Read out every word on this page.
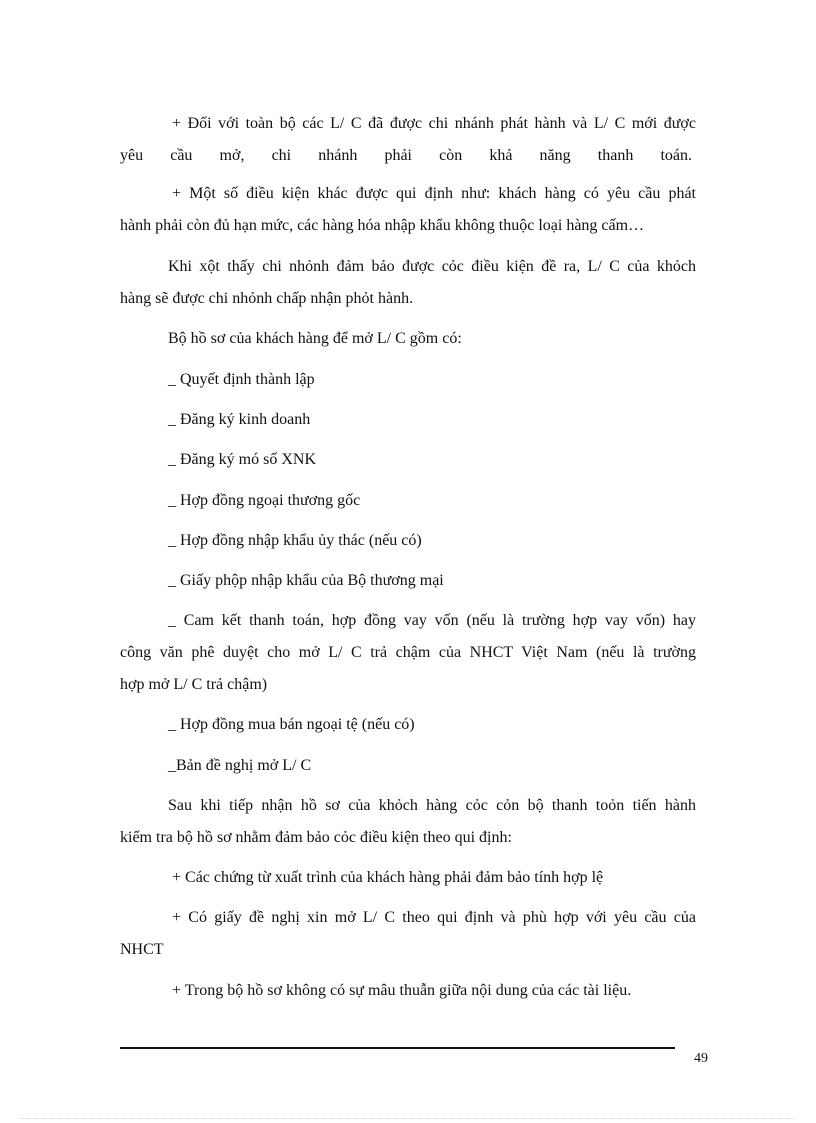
+ Đối với toàn bộ các L/ C đã được chi nhánh phát hành và L/ C mới được
yêu cầu mở, chi nhánh phải còn khả năng thanh toán.
+ Một số điều kiện khác được qui định như: khách hàng có yêu cầu phát
hành phải còn đủ hạn mức, các hàng hóa nhập khẩu không thuộc loại hàng cấm…
Khi xột thấy chi nhỏnh đảm bảo được cỏc điều kiện đề ra, L/ C của khỏch
hàng sẽ được chi nhỏnh chấp nhận phỏt hành.
Bộ hồ sơ của khách hàng để mở L/ C gồm có:
_ Quyết định thành lập
_ Đăng ký kinh doanh
_ Đăng ký mó số XNK
_ Hợp đồng ngoại thương gốc
_ Hợp đồng nhập khẩu ủy thác (nếu có)
_ Giấy phộp nhập khẩu của Bộ thương mại
_ Cam kết thanh toán, hợp đồng vay vốn (nếu là trường hợp vay vốn) hay
công văn phê duyệt cho mở L/ C trả chậm của NHCT Việt Nam (nếu là trường
hợp mở L/ C trả chậm)
_ Hợp đồng mua bán ngoại tệ (nếu có)
_Bản đề nghị mở L/ C
Sau khi tiếp nhận hồ sơ của khỏch hàng cỏc cỏn bộ thanh toỏn tiến hành
kiểm tra bộ hồ sơ nhằm đảm bảo cỏc điều kiện theo qui định:
+ Các chứng từ xuất trình của khách hàng phải đảm bảo tính hợp lệ
+ Có giấy đề nghị xin mở L/ C theo qui định và phù hợp với yêu cầu của
NHCT
+ Trong bộ hồ sơ không có sự mâu thuẫn giữa nội dung của các tài liệu.
49
